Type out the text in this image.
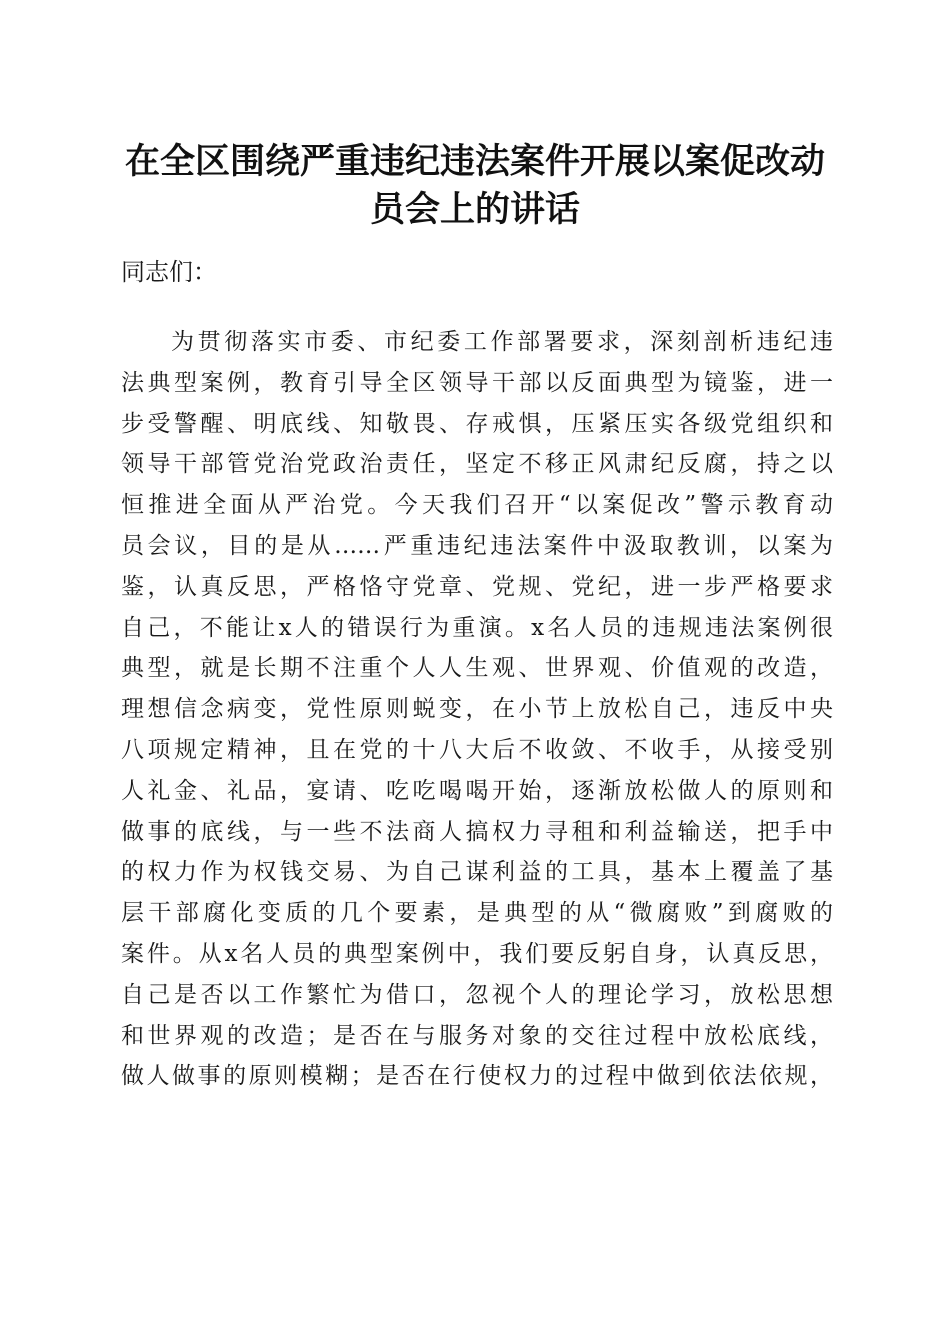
在全区围绕严重违纪违法案件开展以案促改动
员会上的讲话

同志们：

为贯彻落实市委、市纪委工作部署要求，深刻剖析违纪违
法典型案例，教育引导全区领导干部以反面典型为镜鉴，进一
步受警醒、明底线、知敬畏、存戒惧，压紧压实各级党组织和
领导干部管党治党政治责任，坚定不移正风肃纪反腐，持之以
恒推进全面从严治党。今天我们召开“以案促改”警示教育动
员会议，目的是从……严重违纪违法案件中汲取教训，以案为
鉴，认真反思，严格恪守党章、党规、党纪，进一步严格要求
自己，不能让x人的错误行为重演。x名人员的违规违法案例很
典型，就是长期不注重个人人生观、世界观、价值观的改造，
理想信念病变，党性原则蜕变，在小节上放松自己，违反中央
八项规定精神，且在党的十八大后不收敛、不收手，从接受别
人礼金、礼品，宴请、吃吃喝喝开始，逐渐放松做人的原则和
做事的底线，与一些不法商人搞权力寻租和利益输送，把手中
的权力作为权钱交易、为自己谋利益的工具，基本上覆盖了基
层干部腐化变质的几个要素，是典型的从“微腐败”到腐败的
案件。从x名人员的典型案例中，我们要反躬自身，认真反思，
自己是否以工作繁忙为借口，忽视个人的理论学习，放松思想
和世界观的改造；是否在与服务对象的交往过程中放松底线，
做人做事的原则模糊；是否在行使权力的过程中做到依法依规，
